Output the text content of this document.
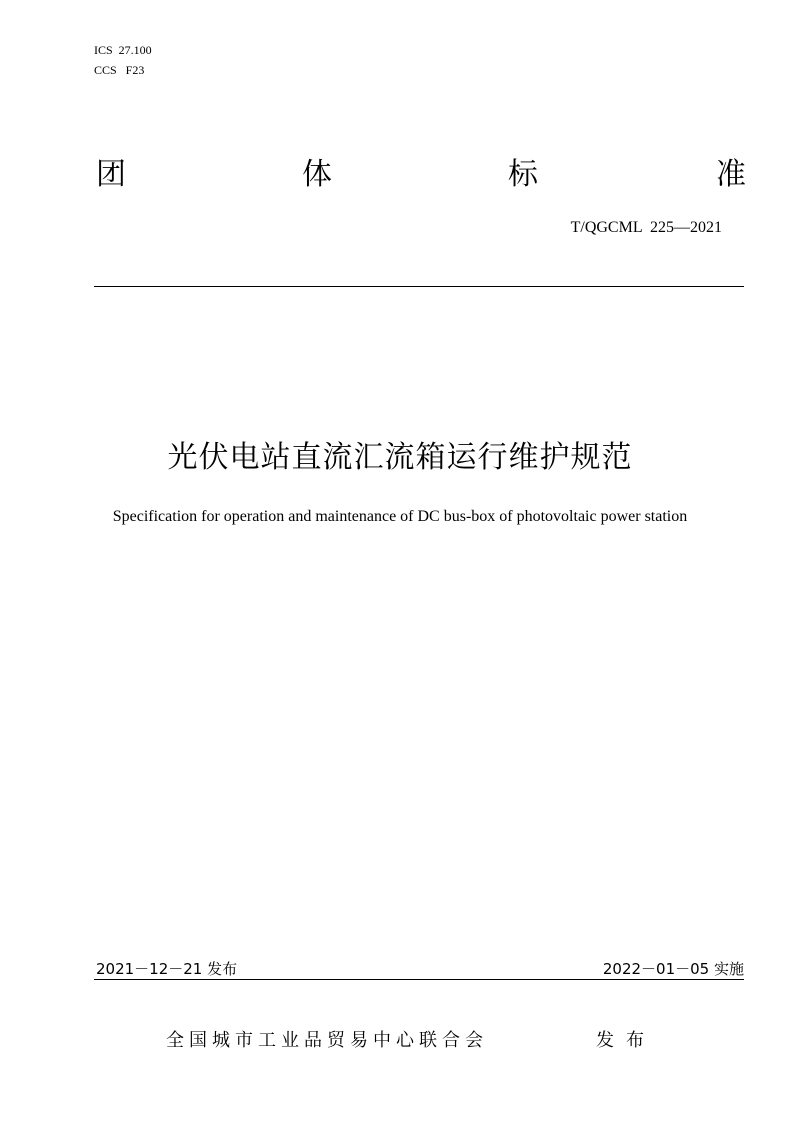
ICS  27.100
CCS   F23
团	体	标	准
T/QGCML  225—2021
光伏电站直流汇流箱运行维护规范
Specification for operation and maintenance of DC bus-box of photovoltaic power station
2021－12－21 发布	2022－01－05 实施
全国城市工业品贸易中心联合会	发布
